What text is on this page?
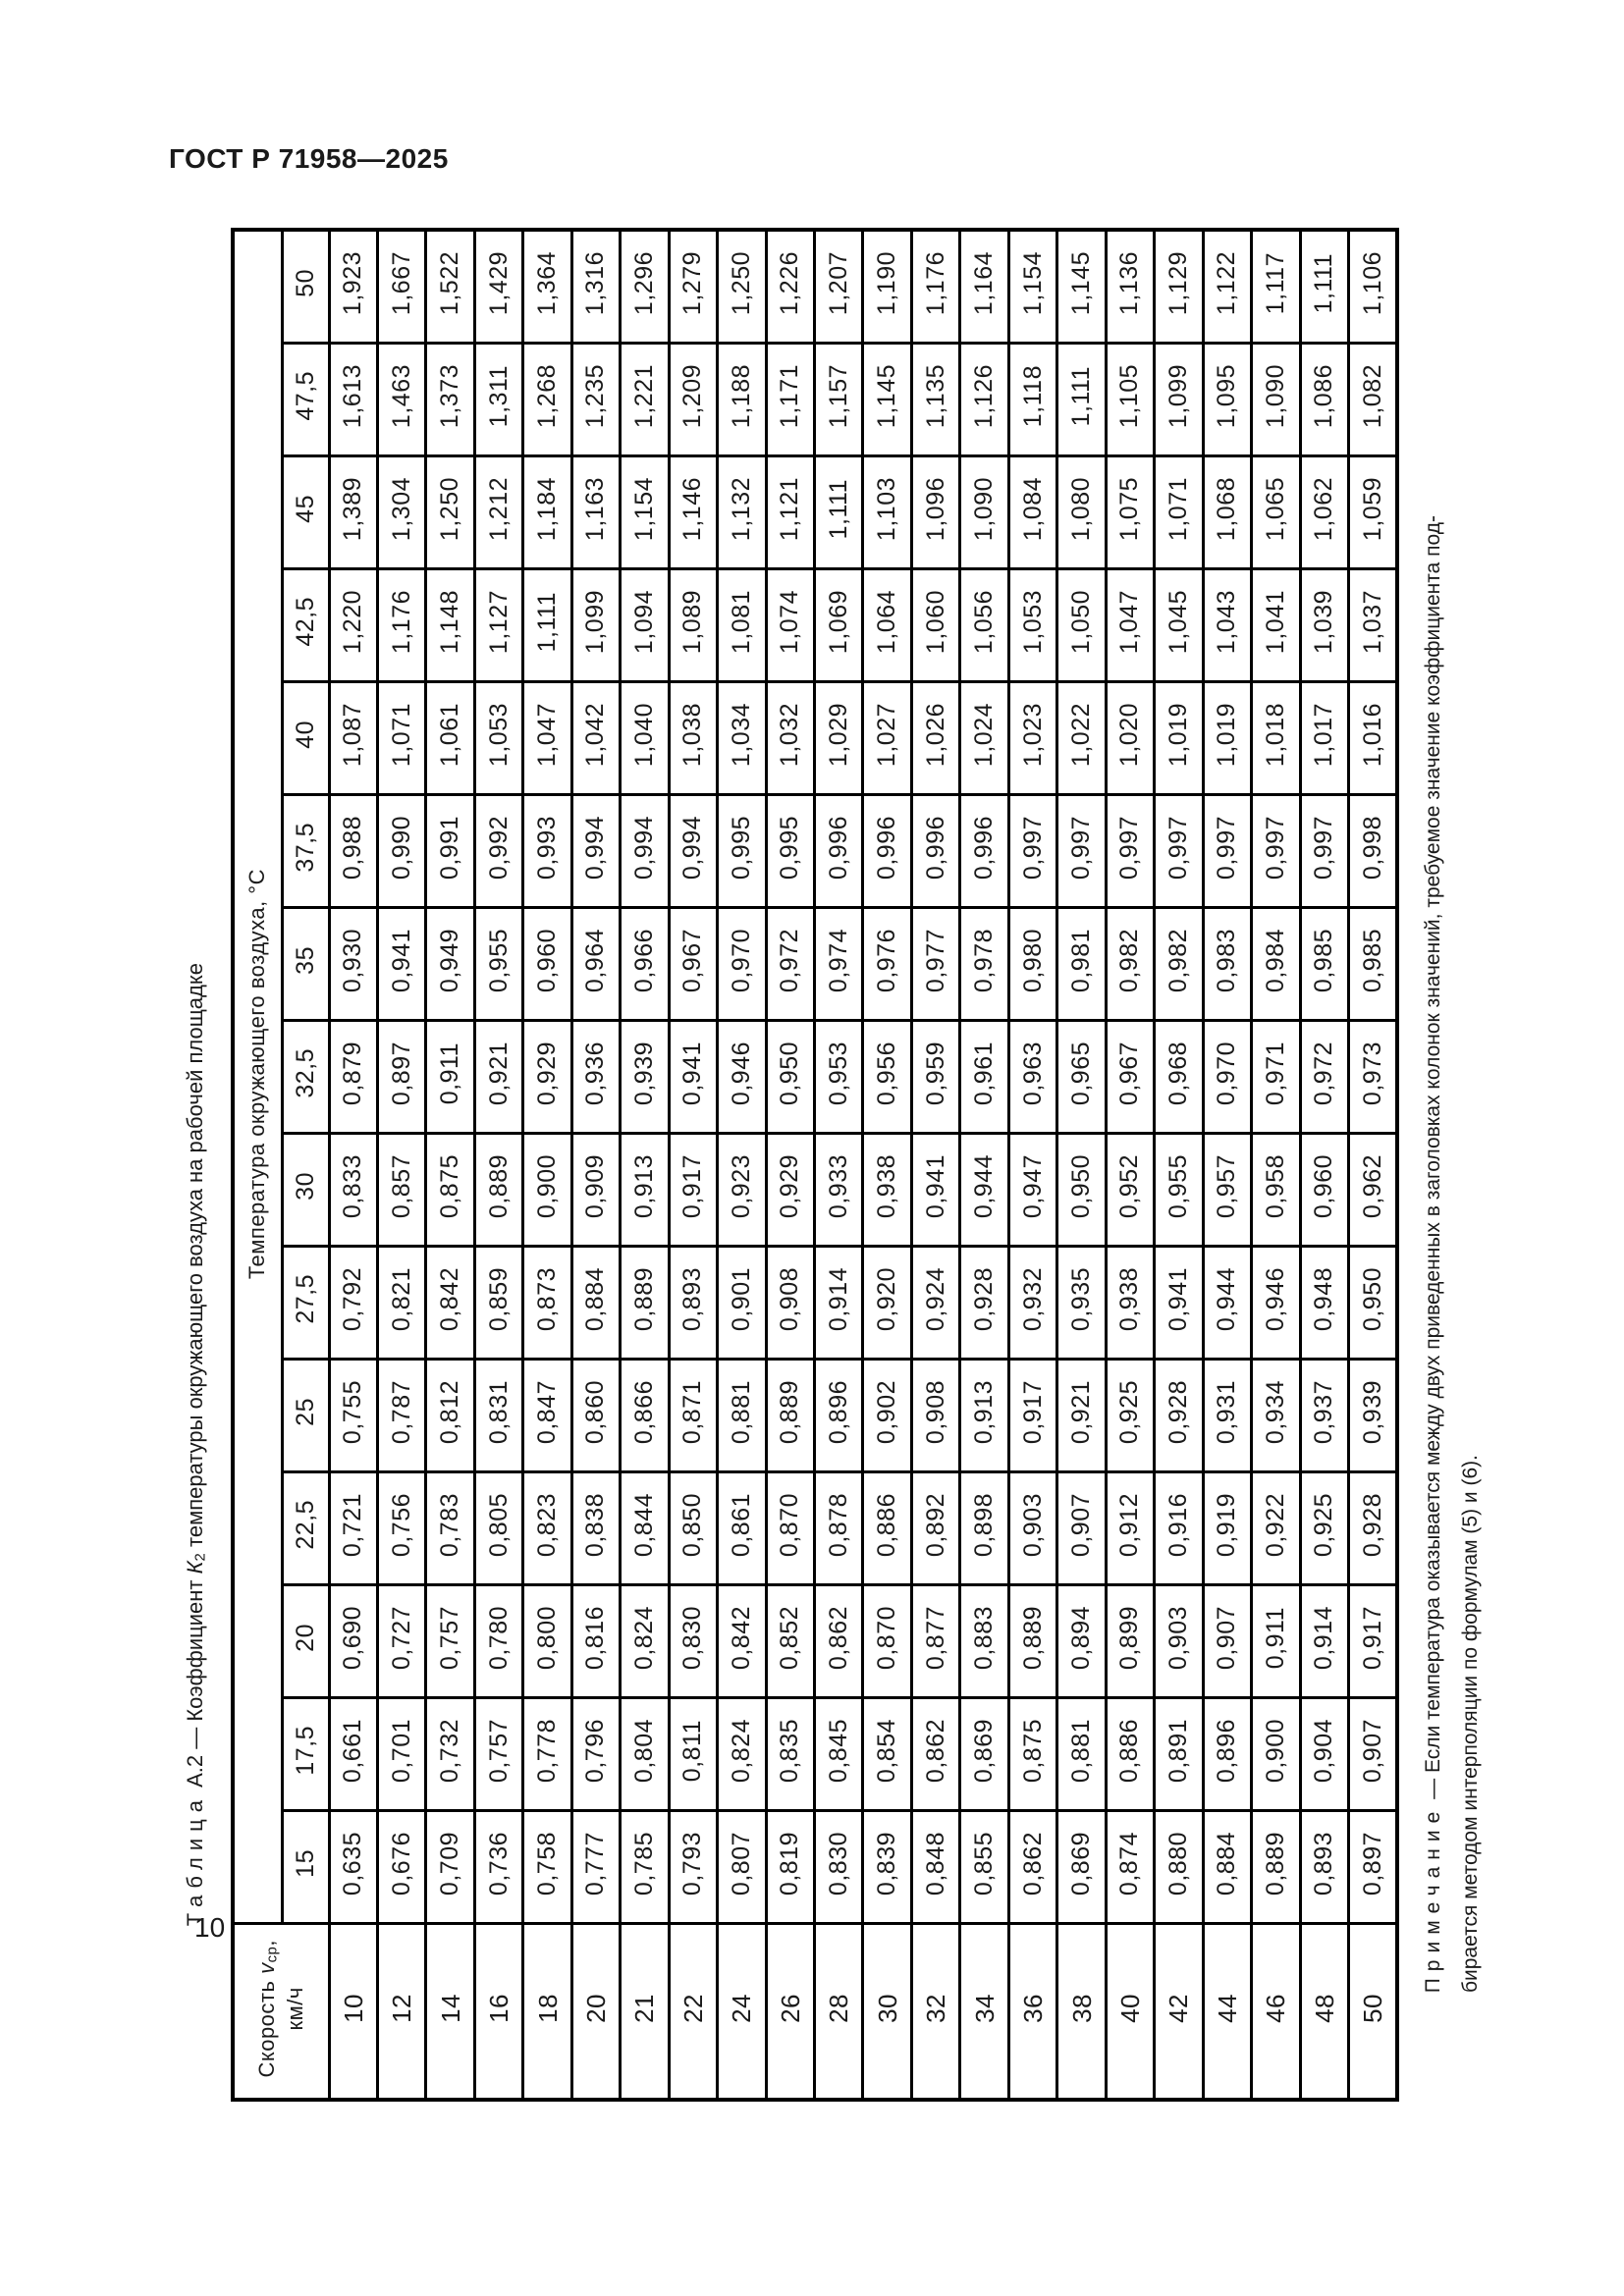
ГОСТ Р 71958—2025
Таблица А.2 — Коэффициент $К_2$ температуры окружающего воздуха на рабочей площадке Температура окружающего воздуха, °С	50	1,923	1,667	1,522	1,429	1,364	1,316	1,296	1,279	1,250	1,226	1,207	1,190	1,176	1,164	1,154	1,145	1,136	1,129	1,122	1,117	1,111	1,106
	47,5	1,613	1,463	1,373	1,311	1,268	1,235	1,221	1,209	1,188	1,171	1,157	1,145	1,135	1,126	1,118	1,111	1,105	1,099	1,095	1,090	1,086	1,082
	45	1,389	1,304	1,250	1,212	1,184	1,163	1,154	1,146	1,132	1,121	1,111	1,103	1,096	1,090	1,084	1,080	1,075	1,071	1,068	1,065	1,062	1,059
	42,5	1,220	1,176	1,148	1,127	1,111	1,099	1,094	1,089	1,081	1,074	1,069	1,064	1,060	1,056	1,053	1,050	1,047	1,045	1,043	1,041	1,039	1,037
	40	1,087	1,071	1,061	1,053	1,047	1,042	1,040	1,038	1,034	1,032	1,029	1,027	1,026	1,024	1,023	1,022	1,020	1,019	1,019	1,018	1,017	1,016
	37,5	0,988	0,990	0,991	0,992	0,993	0,994	0,994	0,994	0,995	0,995	0,996	0,996	0,996	0,996	0,997	0,997	0,997	0,997	0,997	0,997	0,997	0,998
	35	0,930	0,941	0,949	0,955	0,960	0,964	0,966	0,967	0,970	0,972	0,974	0,976	0,977	0,978	0,980	0,981	0,982	0,982	0,983	0,984	0,985	0,985
	32,5	0,879	0,897	0,911	0,921	0,929	0,936	0,939	0,941	0,946	0,950	0,953	0,956	0,959	0,961	0,963	0,965	0,967	0,968	0,970	0,971	0,972	0,973
	30	0,833	0,857	0,875	0,889	0,900	0,909	0,913	0,917	0,923	0,929	0,933	0,938	0,941	0,944	0,947	0,950	0,952	0,955	0,957	0,958	0,960	0,962
	27,5	0,792	0,821	0,842	0,859	0,873	0,884	0,889	0,893	0,901	0,908	0,914	0,920	0,924	0,928	0,932	0,935	0,938	0,941	0,944	0,946	0,948	0,950
	25	0,755	0,787	0,812	0,831	0,847	0,860	0,866	0,871	0,881	0,889	0,896	0,902	0,908	0,913	0,917	0,921	0,925	0,928	0,931	0,934	0,937	0,939
	22,5	0,721	0,756	0,783	0,805	0,823	0,838	0,844	0,850	0,861	0,870	0,878	0,886	0,892	0,898	0,903	0,907	0,912	0,916	0,919	0,922	0,925	0,928
	20	0,690	0,727	0,757	0,780	0,800	0,816	0,824	0,830	0,842	0,852	0,862	0,870	0,877	0,883	0,889	0,894	0,899	0,903	0,907	0,911	0,914	0,917
	17,5	0,661	0,701	0,732	0,757	0,778	0,796	0,804	0,811	0,824	0,835	0,845	0,854	0,862	0,869	0,875	0,881	0,886	0,891	0,896	0,900	0,904	0,907
	15	0,635	0,676	0,709	0,736	0,758	0,777	0,785	0,793	0,807	0,819	0,830	0,839	0,848	0,855	0,862	0,869	0,874	0,880	0,884	0,889	0,893	0,897

Скорость $v_{ср}$,
км/ч		10	12	14	16	18	20	21	22	24	26	28	30	32	34	36	38	40	42	44	46	48	50
Примечание — Если температура оказывается между двух приведенных в заголовках колонок значений, требуемое значение коэффициента под- бирается методом интерполяции по формулам (5) и (6).
10
